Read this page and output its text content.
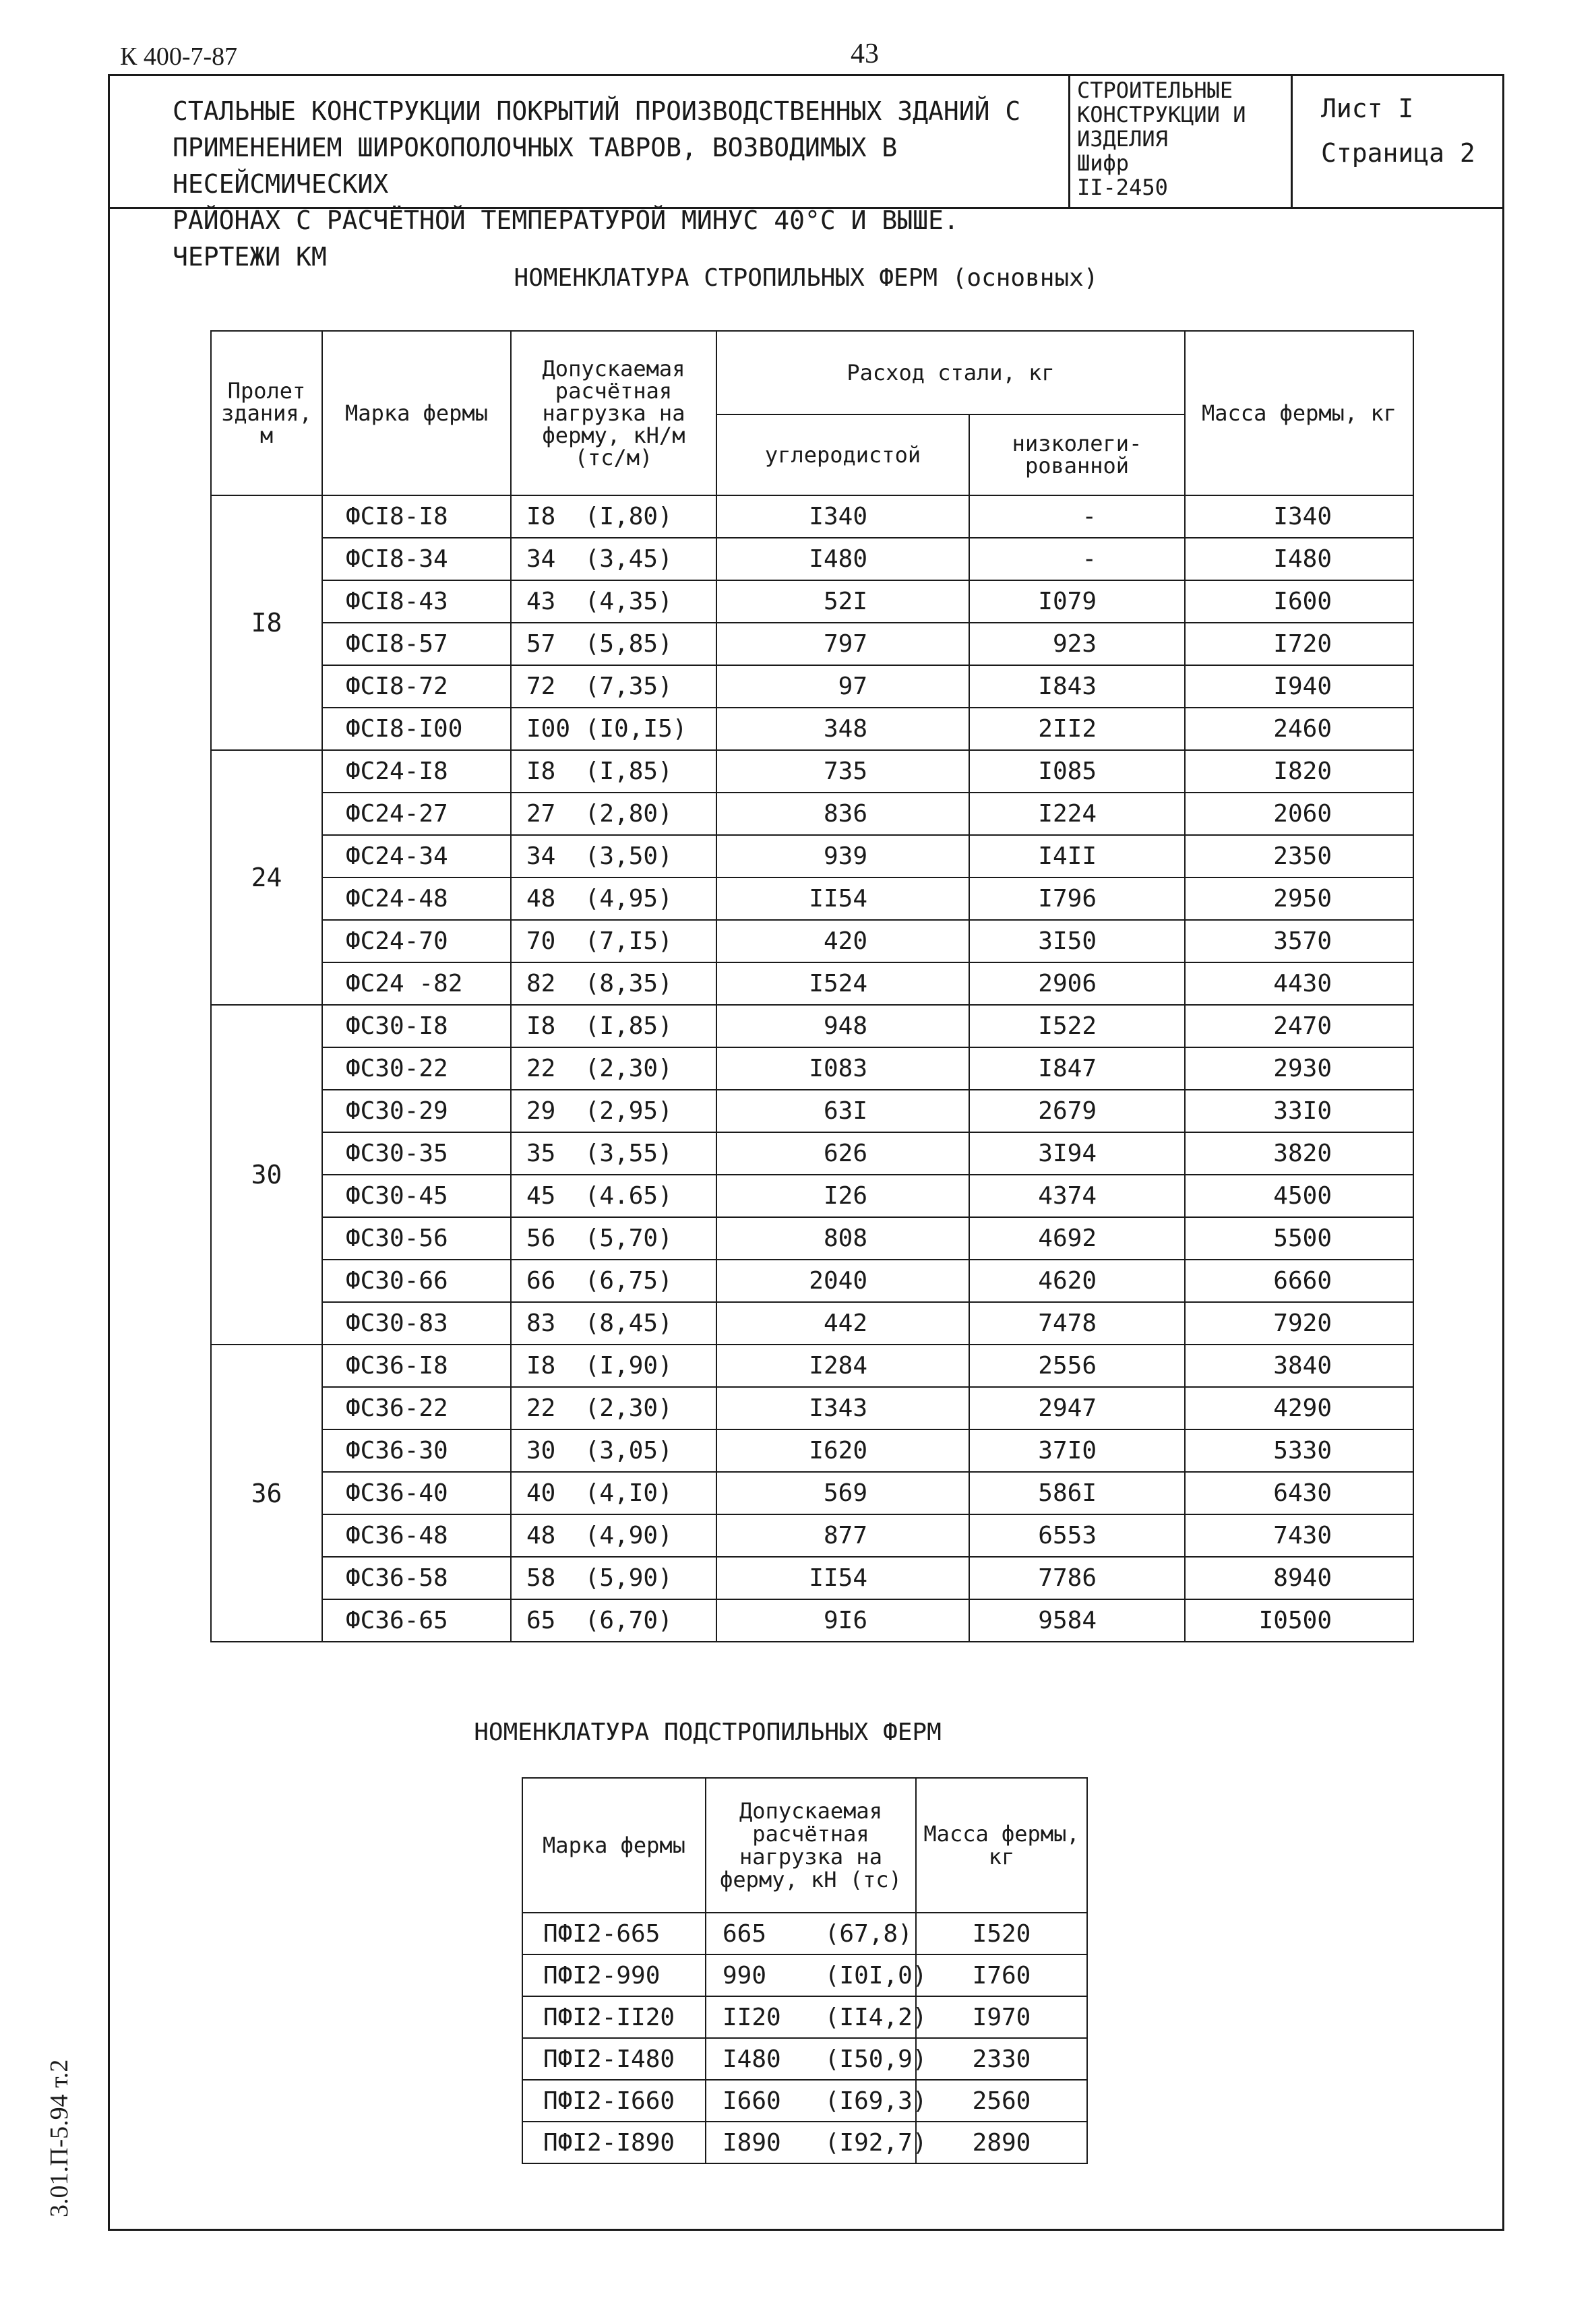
К 400-7-87	43
3.01.П-5.94 т.2
СТАЛЬНЫЕ КОНСТРУКЦИИ ПОКРЫТИЙ ПРОИЗВОДСТВЕННЫХ ЗДАНИЙ С
ПРИМЕНЕНИЕМ ШИРОКОПОЛОЧНЫХ ТАВРОВ, ВОЗВОДИМЫХ В НЕСЕЙСМИЧЕСКИХ
РАЙОНАХ С РАСЧЁТНОЙ ТЕМПЕРАТУРОЙ МИНУС 40°С И ВЫШЕ. ЧЕРТЕЖИ КМ
СТРОИТЕЛЬНЫЕ
КОНСТРУКЦИИ И
ИЗДЕЛИЯ
Шифр
II-2450
Лист I
Страница 2
НОМЕНКЛАТУРА СТРОПИЛЬНЫХ ФЕРМ (основных)
Пролет здания, м	Марка фермы	Допускаемая расчётная нагрузка на ферму, кН/м (тс/м)	Расход стали, кг		Масса фермы, кг
			углеродистой	низколеги-рованной	
I8	ФСI8-I8	I8  (I,80)	I340	-	I340
	ФСI8-34	34  (3,45)	I480	-	I480
	ФСI8-43	43  (4,35)	52I	I079	I600
	ФСI8-57	57  (5,85)	797	923	I720
	ФСI8-72	72  (7,35)	97	I843	I940
	ФСI8-I00	I00 (I0,I5)	348	2II2	2460
24	ФС24-I8	I8  (I,85)	735	I085	I820
	ФС24-27	27  (2,80)	836	I224	2060
	ФС24-34	34  (3,50)	939	I4II	2350
	ФС24-48	48  (4,95)	II54	I796	2950
	ФС24-70	70  (7,I5)	420	3I50	3570
	ФС24 -82	82  (8,35)	I524	2906	4430
30	ФС30-I8	I8  (I,85)	948	I522	2470
	ФС30-22	22  (2,30)	I083	I847	2930
	ФС30-29	29  (2,95)	63I	2679	33I0
	ФС30-35	35  (3,55)	626	3I94	3820
	ФС30-45	45  (4.65)	I26	4374	4500
	ФС30-56	56  (5,70)	808	4692	5500
	ФС30-66	66  (6,75)	2040	4620	6660
	ФС30-83	83  (8,45)	442	7478	7920
36	ФС36-I8	I8  (I,90)	I284	2556	3840
	ФС36-22	22  (2,30)	I343	2947	4290
	ФС36-30	30  (3,05)	I620	37I0	5330
	ФС36-40	40  (4,I0)	569	586I	6430
	ФС36-48	48  (4,90)	877	6553	7430
	ФС36-58	58  (5,90)	II54	7786	8940
	ФС36-65	65  (6,70)	9I6	9584	I0500
НОМЕНКЛАТУРА ПОДСТРОПИЛЬНЫХ ФЕРМ
Марка фермы	Допускаемая расчётная нагрузка на ферму, кН (тс)	Масса фермы, кг
ПФI2-665	665    (67,8)	I520
ПФI2-990	990    (I0I,0)	I760
ПФI2-II20	II20   (II4,2)	I970
ПФI2-I480	I480   (I50,9)	2330
ПФI2-I660	I660   (I69,3)	2560
ПФI2-I890	I890   (I92,7)	2890
